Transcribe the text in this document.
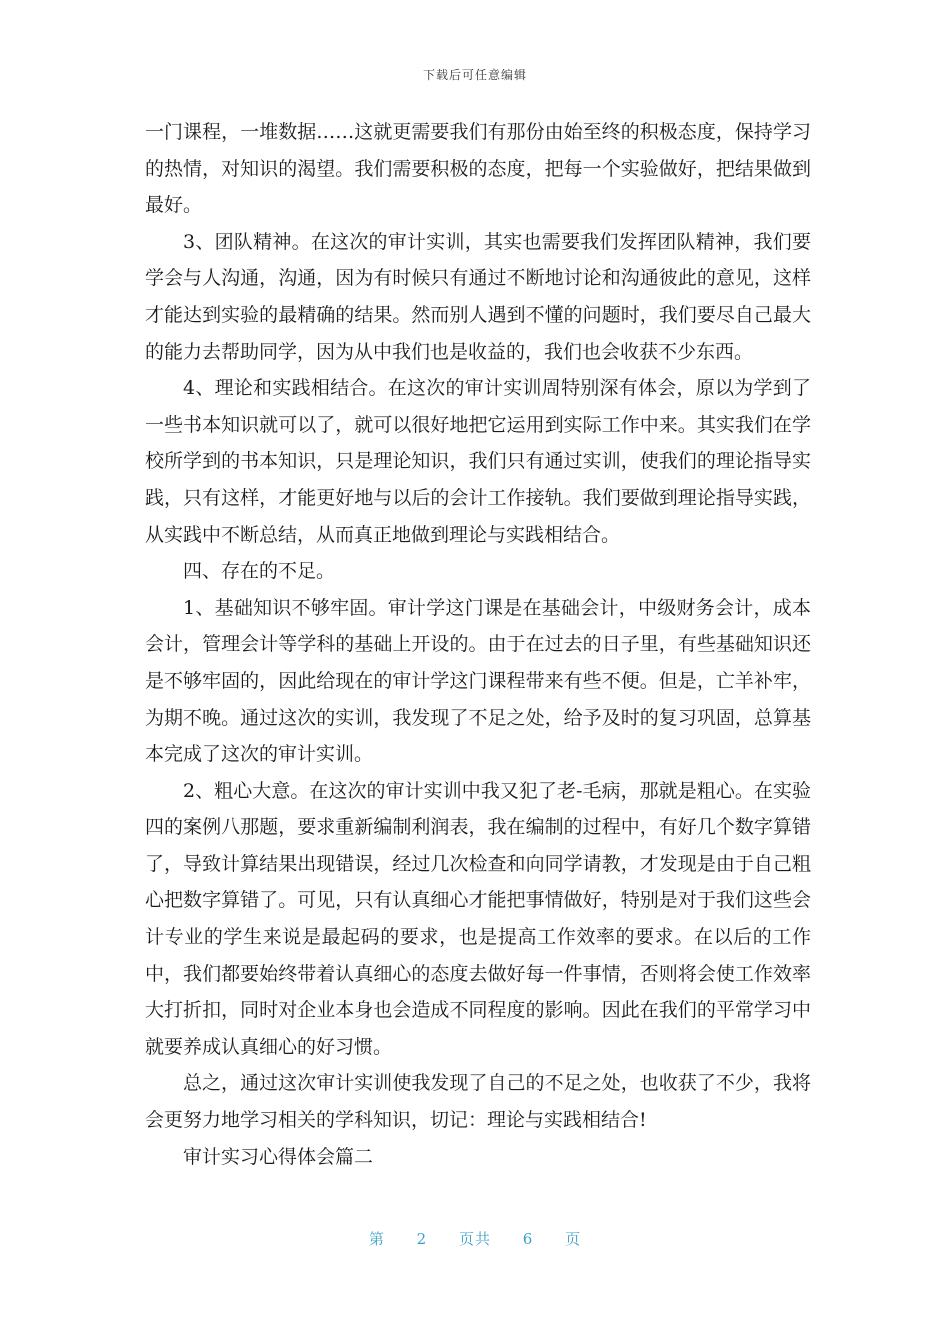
下载后可任意编辑

一门课程，一堆数据……这就更需要我们有那份由始至终的积极态度，保持学习的热情，对知识的渴望。我们需要积极的态度，把每一个实验做好，把结果做到最好。

3、团队精神。在这次的审计实训，其实也需要我们发挥团队精神，我们要学会与人沟通，沟通，因为有时候只有通过不断地讨论和沟通彼此的意见，这样才能达到实验的最精确的结果。然而别人遇到不懂的问题时，我们要尽自己最大的能力去帮助同学，因为从中我们也是收益的，我们也会收获不少东西。

4、理论和实践相结合。在这次的审计实训周特别深有体会，原以为学到了一些书本知识就可以了，就可以很好地把它运用到实际工作中来。其实我们在学校所学到的书本知识，只是理论知识，我们只有通过实训，使我们的理论指导实践，只有这样，才能更好地与以后的会计工作接轨。我们要做到理论指导实践，从实践中不断总结，从而真正地做到理论与实践相结合。

四、存在的不足。

1、基础知识不够牢固。审计学这门课是在基础会计，中级财务会计，成本会计，管理会计等学科的基础上开设的。由于在过去的日子里，有些基础知识还是不够牢固的，因此给现在的审计学这门课程带来有些不便。但是，亡羊补牢，为期不晚。通过这次的实训，我发现了不足之处，给予及时的复习巩固，总算基本完成了这次的审计实训。

2、粗心大意。在这次的审计实训中我又犯了老-毛病，那就是粗心。在实验四的案例八那题，要求重新编制利润表，我在编制的过程中，有好几个数字算错了，导致计算结果出现错误，经过几次检查和向同学请教，才发现是由于自己粗心把数字算错了。可见，只有认真细心才能把事情做好，特别是对于我们这些会计专业的学生来说是最起码的要求，也是提高工作效率的要求。在以后的工作中，我们都要始终带着认真细心的态度去做好每一件事情，否则将会使工作效率大打折扣，同时对企业本身也会造成不同程度的影响。因此在我们的平常学习中就要养成认真细心的好习惯。

总之，通过这次审计实训使我发现了自己的不足之处，也收获了不少，我将会更努力地学习相关的学科知识，切记：理论与实践相结合!

审计实习心得体会篇二

第 2 页共 6 页
